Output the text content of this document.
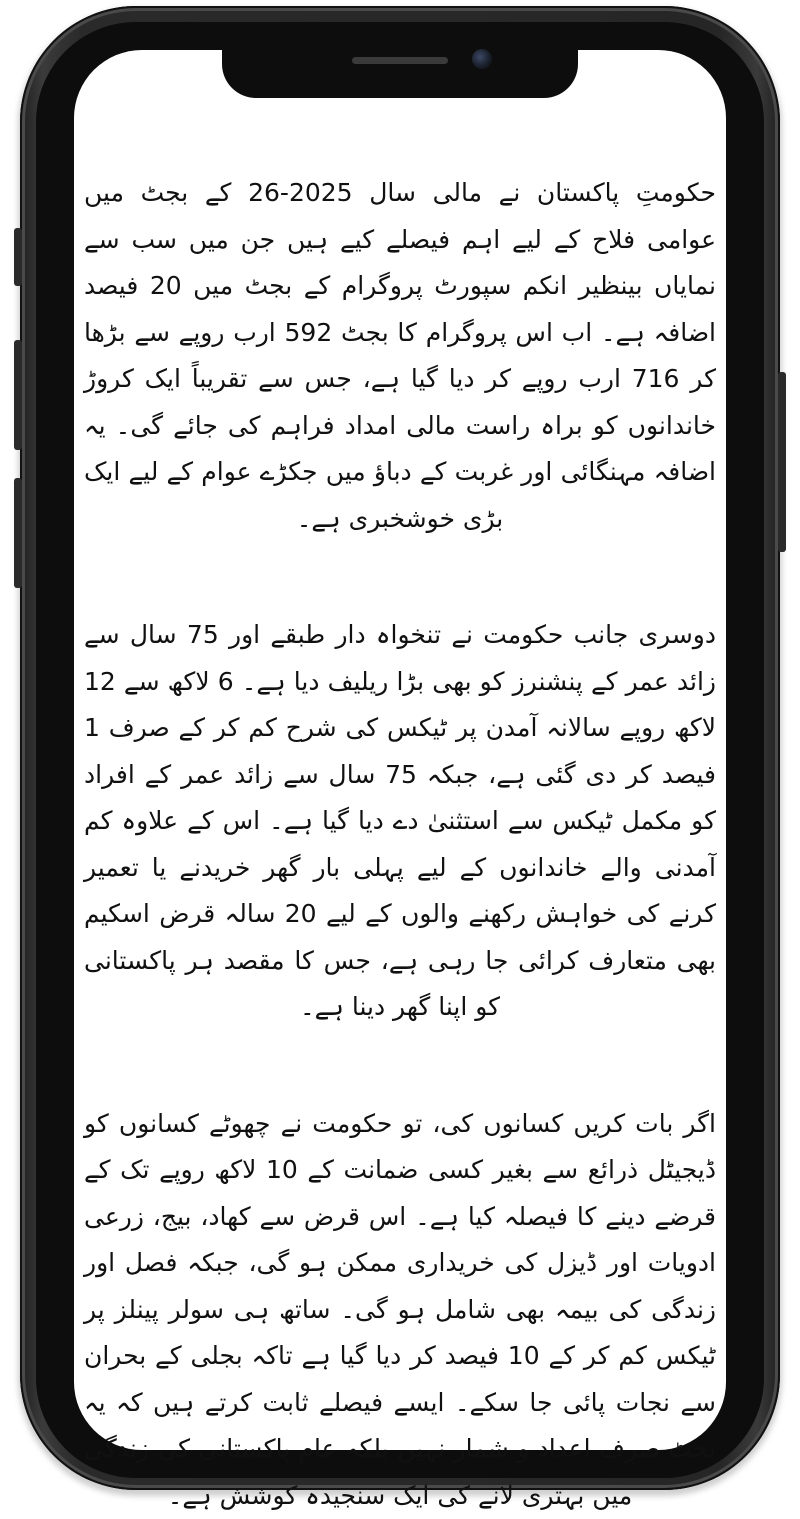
حکومتِ پاکستان نے مالی سال 2025-26 کے بجٹ میں عوامی فلاح کے لیے اہم فیصلے کیے ہیں جن میں سب سے نمایاں بینظیر انکم سپورٹ پروگرام کے بجٹ میں 20 فیصد اضافہ ہے۔ اب اس پروگرام کا بجٹ 592 ارب روپے سے بڑھا کر 716 ارب روپے کر دیا گیا ہے، جس سے تقریباً ایک کروڑ خاندانوں کو براہ راست مالی امداد فراہم کی جائے گی۔ یہ اضافہ مہنگائی اور غربت کے دباؤ میں جکڑے عوام کے لیے ایک بڑی خوشخبری ہے۔

دوسری جانب حکومت نے تنخواہ دار طبقے اور 75 سال سے زائد عمر کے پنشنرز کو بھی بڑا ریلیف دیا ہے۔ 6 لاکھ سے 12 لاکھ روپے سالانہ آمدن پر ٹیکس کی شرح کم کر کے صرف 1 فیصد کر دی گئی ہے، جبکہ 75 سال سے زائد عمر کے افراد کو مکمل ٹیکس سے استثنیٰ دے دیا گیا ہے۔ اس کے علاوہ کم آمدنی والے خاندانوں کے لیے پہلی بار گھر خریدنے یا تعمیر کرنے کی خواہش رکھنے والوں کے لیے 20 سالہ قرض اسکیم بھی متعارف کرائی جا رہی ہے، جس کا مقصد ہر پاکستانی کو اپنا گھر دینا ہے۔

اگر بات کریں کسانوں کی، تو حکومت نے چھوٹے کسانوں کو ڈیجیٹل ذرائع سے بغیر کسی ضمانت کے 10 لاکھ روپے تک کے قرضے دینے کا فیصلہ کیا ہے۔ اس قرض سے کھاد، بیج، زرعی ادویات اور ڈیزل کی خریداری ممکن ہو گی، جبکہ فصل اور زندگی کی بیمہ بھی شامل ہو گی۔ ساتھ ہی سولر پینلز پر ٹیکس کم کر کے 10 فیصد کر دیا گیا ہے تاکہ بجلی کے بحران سے نجات پائی جا سکے۔ ایسے فیصلے ثابت کرتے ہیں کہ یہ بجٹ صرف اعداد و شمار نہیں بلکہ عام پاکستانی کی زندگی میں بہتری لانے کی ایک سنجیدہ کوشش ہے۔
